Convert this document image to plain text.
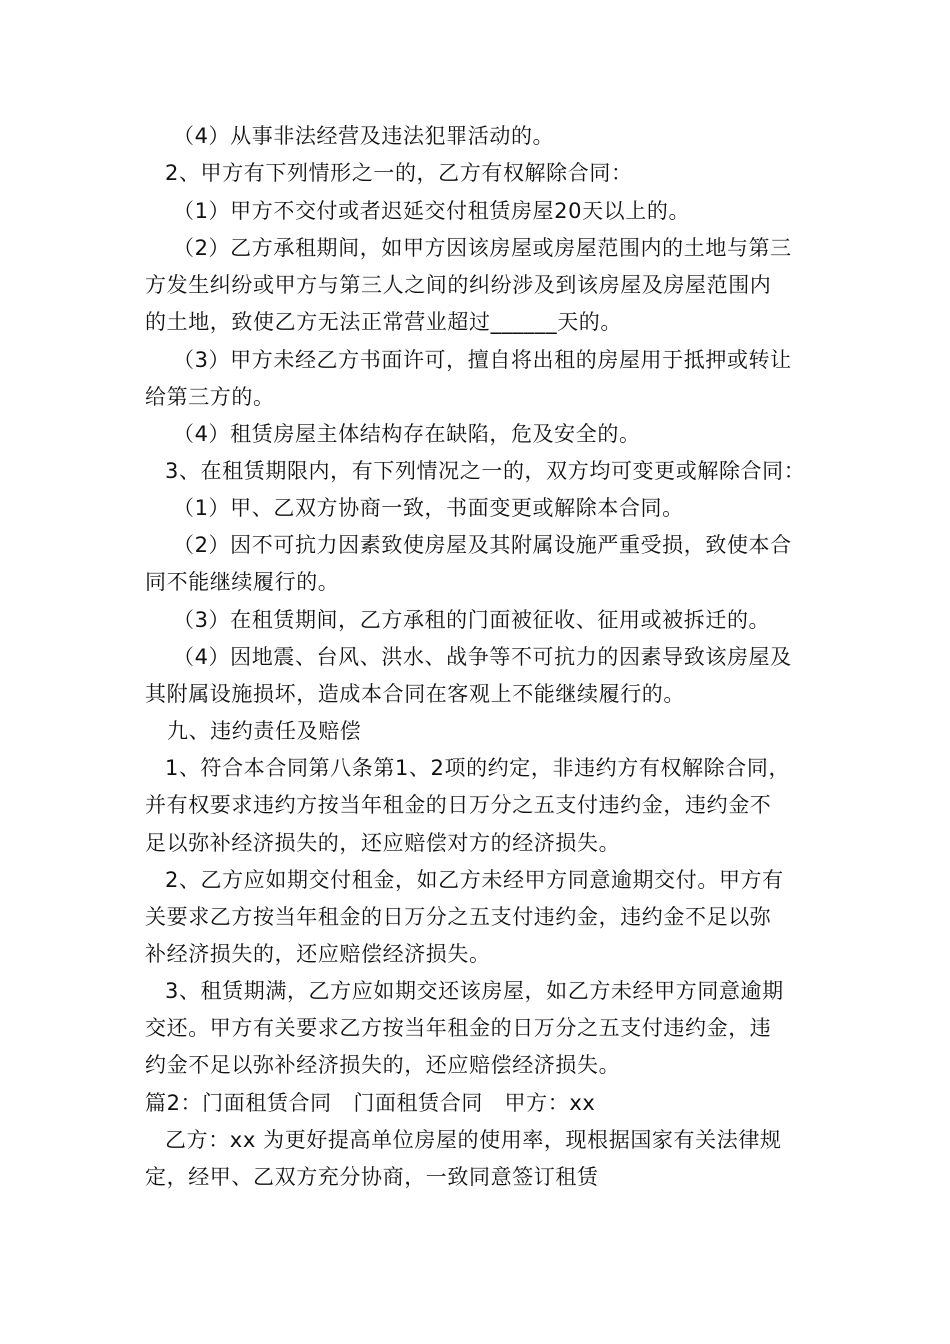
（4）从事非法经营及违法犯罪活动的。
2、甲方有下列情形之一的，乙方有权解除合同：
（1）甲方不交付或者迟延交付租赁房屋20天以上的。
（2）乙方承租期间，如甲方因该房屋或房屋范围内的土地与第三
方发生纠纷或甲方与第三人之间的纠纷涉及到该房屋及房屋范围内
的土地，致使乙方无法正常营业超过______天的。
（3）甲方未经乙方书面许可，擅自将出租的房屋用于抵押或转让
给第三方的。
（4）租赁房屋主体结构存在缺陷，危及安全的。
3、在租赁期限内，有下列情况之一的，双方均可变更或解除合同：
（1）甲、乙双方协商一致，书面变更或解除本合同。
（2）因不可抗力因素致使房屋及其附属设施严重受损，致使本合
同不能继续履行的。
（3）在租赁期间，乙方承租的门面被征收、征用或被拆迁的。
（4）因地震、台风、洪水、战争等不可抗力的因素导致该房屋及
其附属设施损坏，造成本合同在客观上不能继续履行的。
九、违约责任及赔偿
1、符合本合同第八条第1、2项的约定，非违约方有权解除合同，
并有权要求违约方按当年租金的日万分之五支付违约金，违约金不
足以弥补经济损失的，还应赔偿对方的经济损失。
2、乙方应如期交付租金，如乙方未经甲方同意逾期交付。甲方有
关要求乙方按当年租金的日万分之五支付违约金，违约金不足以弥
补经济损失的，还应赔偿经济损失。
3、租赁期满，乙方应如期交还该房屋，如乙方未经甲方同意逾期
交还。甲方有关要求乙方按当年租金的日万分之五支付违约金，违
约金不足以弥补经济损失的，还应赔偿经济损失。
篇2：门面租赁合同　门面租赁合同　甲方：xx
乙方：xx 为更好提高单位房屋的使用率，现根据国家有关法律规
定，经甲、乙双方充分协商，一致同意签订租赁
